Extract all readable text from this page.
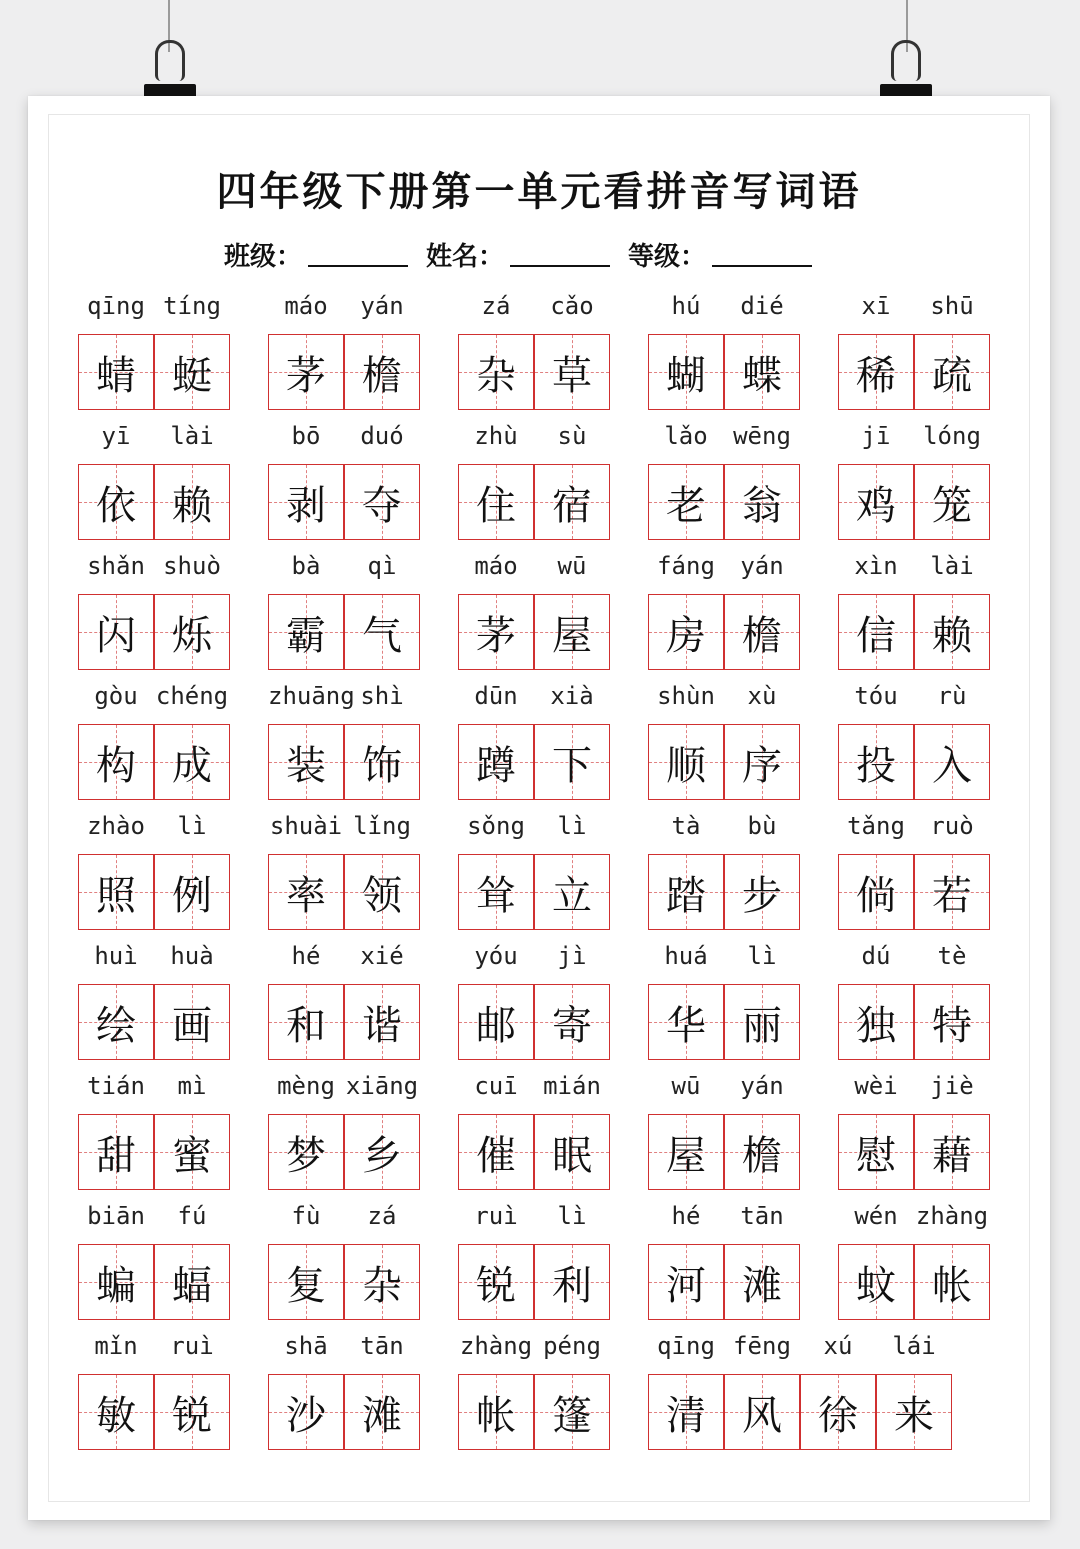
四年级下册第一单元看拼音写词语
班级：	姓名：	等级：
qīng
蜻
tíng
蜓
máo
茅
yán
檐
zá
杂
cǎo
草
hú
蝴
dié
蝶
xī
稀
shū
疏
yī
依
lài
赖
bō
剥
duó
夺
zhù
住
sù
宿
lǎo
老
wēng
翁
jī
鸡
lóng
笼
shǎn
闪
shuò
烁
bà
霸
qì
气
máo
茅
wū
屋
fáng
房
yán
檐
xìn
信
lài
赖
gòu
构
chéng
成
zhuāng
装
shì
饰
dūn
蹲
xià
下
shùn
顺
xù
序
tóu
投
rù
入
zhào
照
lì
例
shuài
率
lǐng
领
sǒng
耸
lì
立
tà
踏
bù
步
tǎng
倘
ruò
若
huì
绘
huà
画
hé
和
xié
谐
yóu
邮
jì
寄
huá
华
lì
丽
dú
独
tè
特
tián
甜
mì
蜜
mèng
梦
xiāng
乡
cuī
催
mián
眠
wū
屋
yán
檐
wèi
慰
jiè
藉
biān
蝙
fú
蝠
fù
复
zá
杂
ruì
锐
lì
利
hé
河
tān
滩
wén
蚊
zhàng
帐
mǐn
敏
ruì
锐
shā
沙
tān
滩
zhàng
帐
péng
篷
qīng
清
fēng
风
xú
徐
lái
来
